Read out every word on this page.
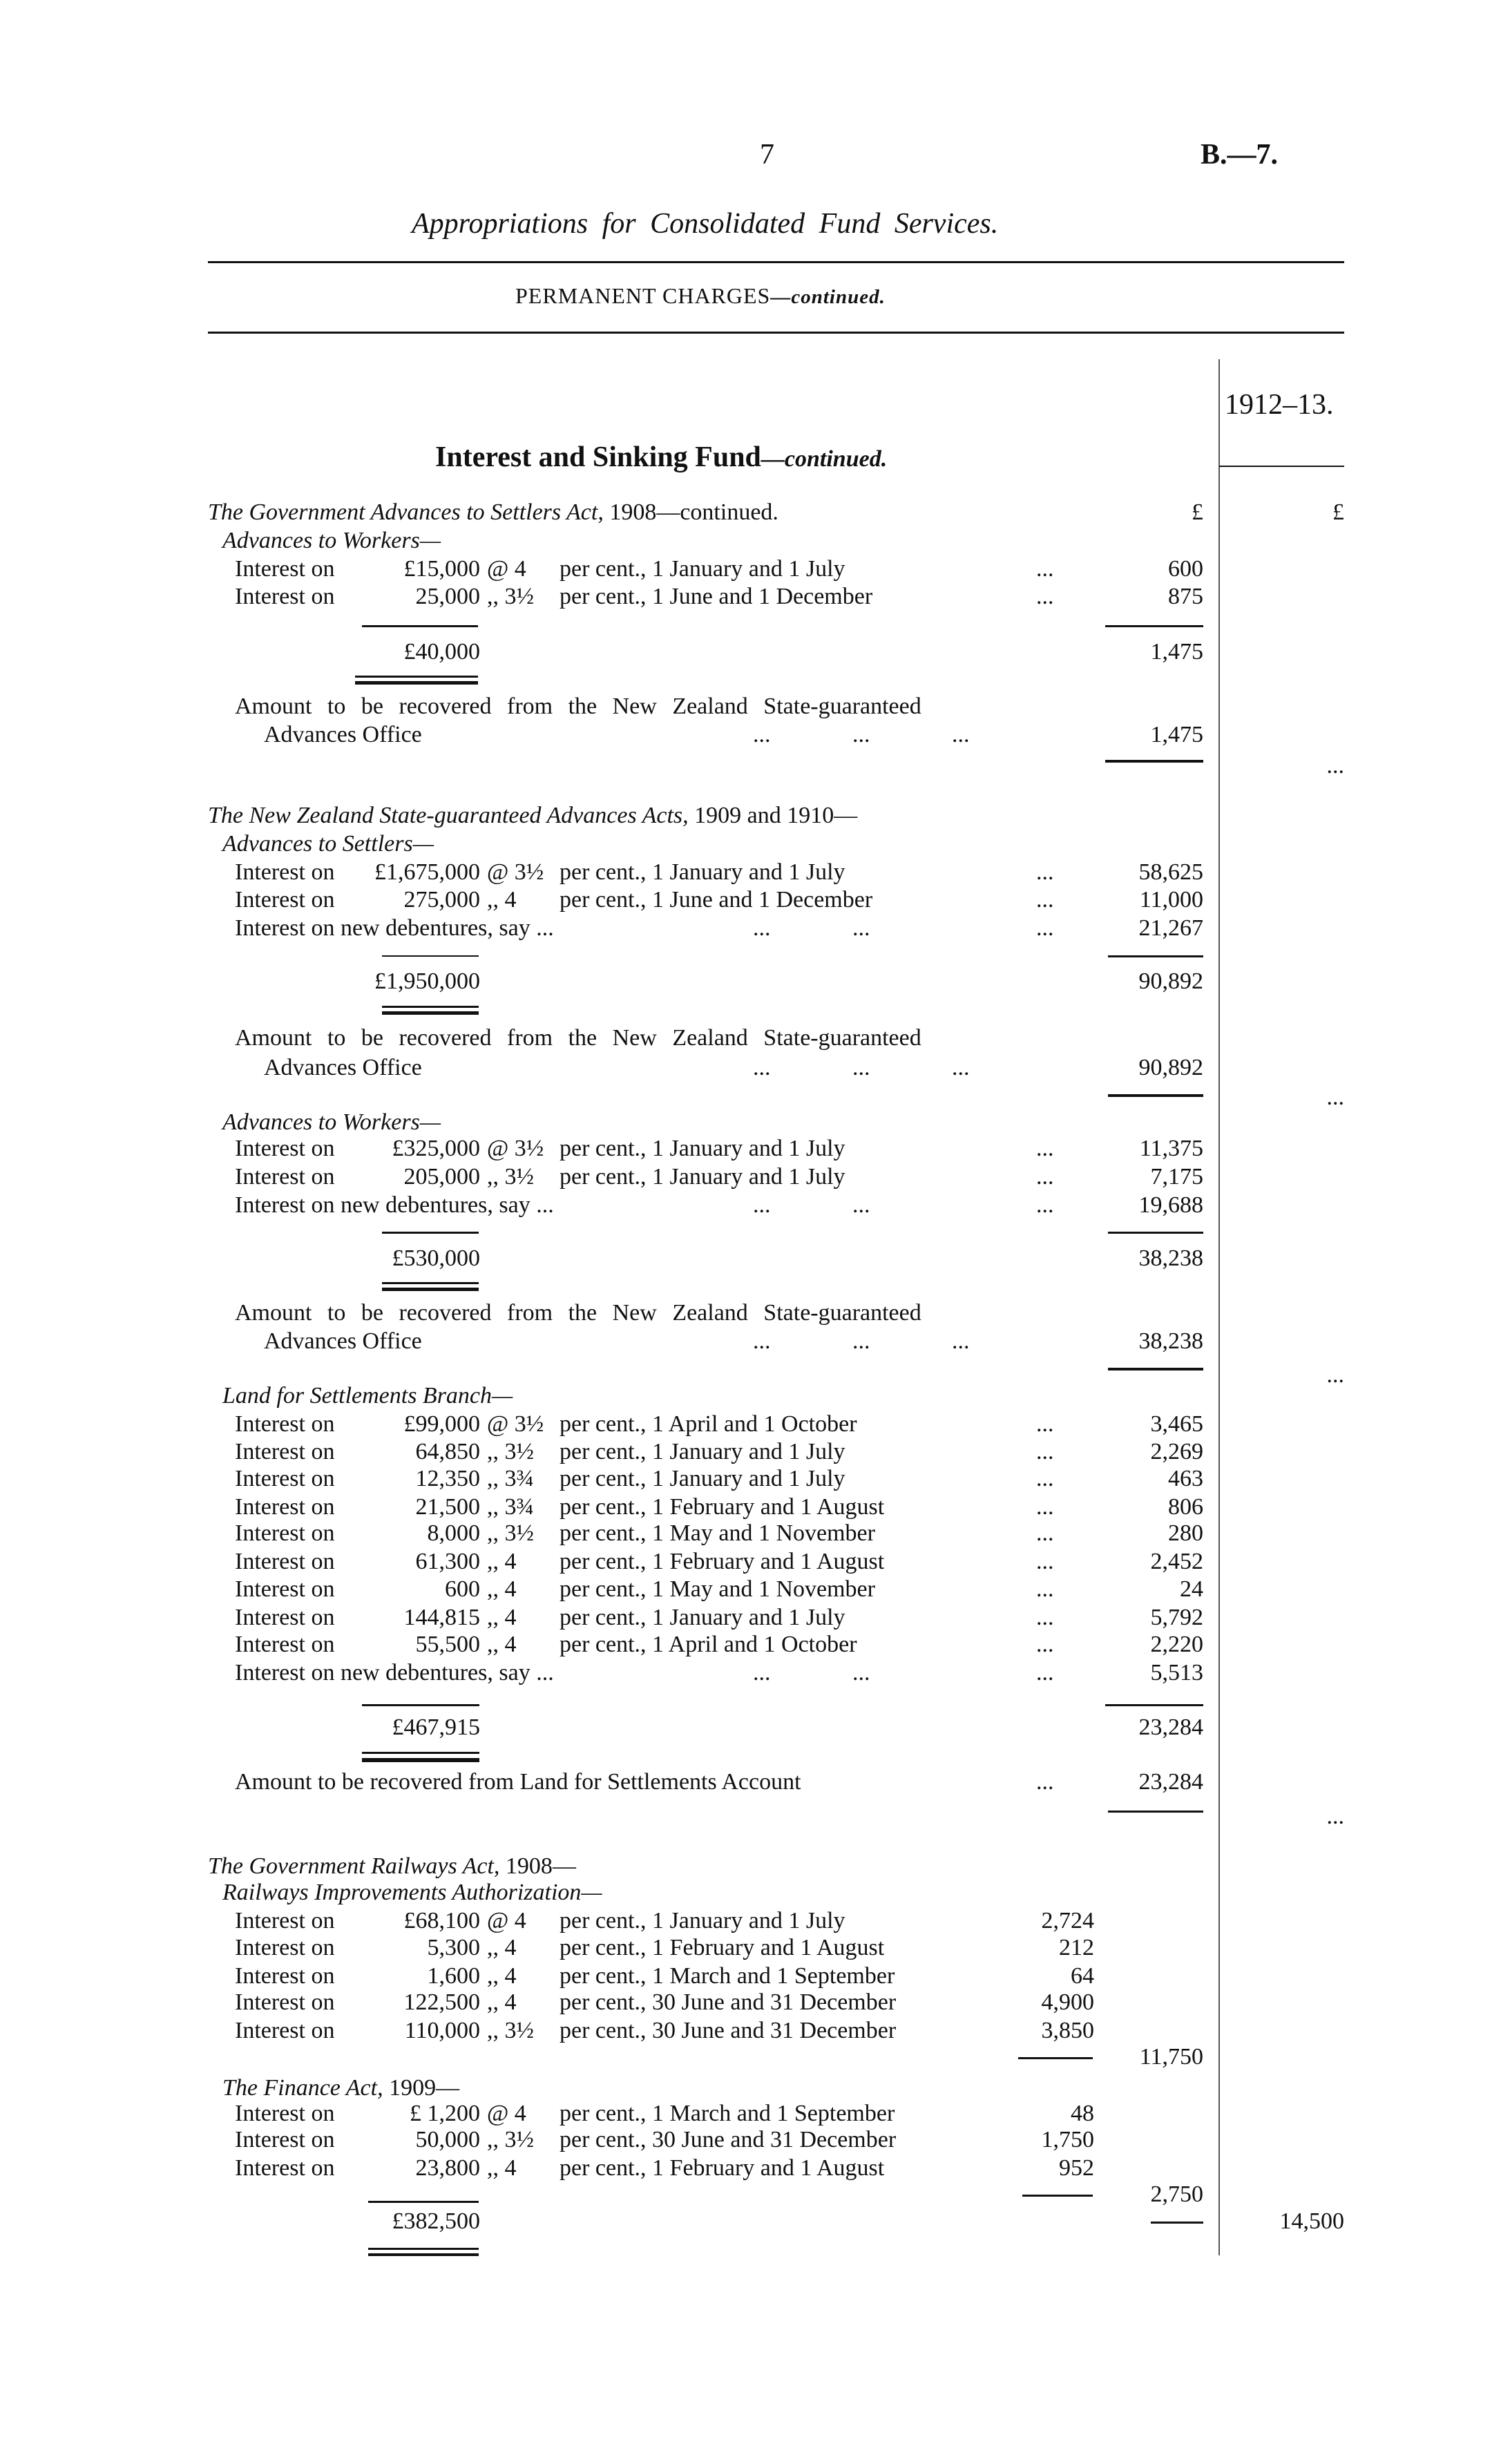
7	B.—7.
Appropriations for Consolidated Fund Services.
PERMANENT CHARGES—continued.
1912–13.
Interest and Sinking Fund—continued.
The Government Advances to Settlers Act, 1908—continued.	£	£
Advances to Workers—
Interest on	£15,000 @ 4 per cent., 1 January and 1 July	...	600
Interest on	25,000 ,, 3½ per cent., 1 June and 1 December	...	875
£40,000	1,475
Amount to be recovered from the New Zealand State-guaranteed
Advances Office	... ... ...	1,475
...
The New Zealand State-guaranteed Advances Acts, 1909 and 1910—
Advances to Settlers—
Interest on £1,675,000 @ 3½ per cent., 1 January and 1 July	...	58,625
Interest on	275,000 ,, 4 per cent., 1 June and 1 December	...	11,000
Interest on new debentures, say ...	... ...	...	21,267
£1,950,000	90,892
Amount to be recovered from the New Zealand State-guaranteed
Advances Office	... ... ...	90,892
...
Advances to Workers—
Interest on £325,000 @ 3½ per cent., 1 January and 1 July	...	11,375
Interest on	205,000 ,, 3½ per cent., 1 January and 1 July	...	7,175
Interest on new debentures, say ...	... ...	...	19,688
£530,000	38,238
Amount to be recovered from the New Zealand State-guaranteed
Advances Office	... ... ...	38,238
...
Land for Settlements Branch—
Interest on	£99,000 @ 3½ per cent., 1 April and 1 October	...	3,465
Interest on	64,850 ,, 3½ per cent., 1 January and 1 July	...	2,269
Interest on	12,350 ,, 3¾ per cent., 1 January and 1 July	...	463
Interest on	21,500 ,, 3¾ per cent., 1 February and 1 August	...	806
Interest on	8,000 ,, 3½ per cent., 1 May and 1 November	...	280
Interest on	61,300 ,, 4 per cent., 1 February and 1 August	...	2,452
Interest on	600 ,, 4 per cent., 1 May and 1 November	...	24
Interest on	144,815 ,, 4 per cent., 1 January and 1 July	...	5,792
Interest on	55,500 ,, 4 per cent., 1 April and 1 October	...	2,220
Interest on new debentures, say ...	... ...	...	5,513
£467,915	23,284
Amount to be recovered from Land for Settlements Account	...	23,284
...
The Government Railways Act, 1908—
Railways Improvements Authorization—
Interest on	£68,100 @ 4 per cent., 1 January and 1 July	2,724
Interest on	5,300 ,, 4 per cent., 1 February and 1 August	212
Interest on	1,600 ,, 4 per cent., 1 March and 1 September	64
Interest on	122,500 ,, 4 per cent., 30 June and 31 December	4,900
Interest on	110,000 ,, 3½ per cent., 30 June and 31 December	3,850
11,750
The Finance Act, 1909—
Interest on	£ 1,200 @ 4 per cent., 1 March and 1 September	48
Interest on	50,000 ,, 3½ per cent., 30 June and 31 December	1,750
Interest on	23,800 ,, 4 per cent., 1 February and 1 August	952
2,750
£382,500	14,500
